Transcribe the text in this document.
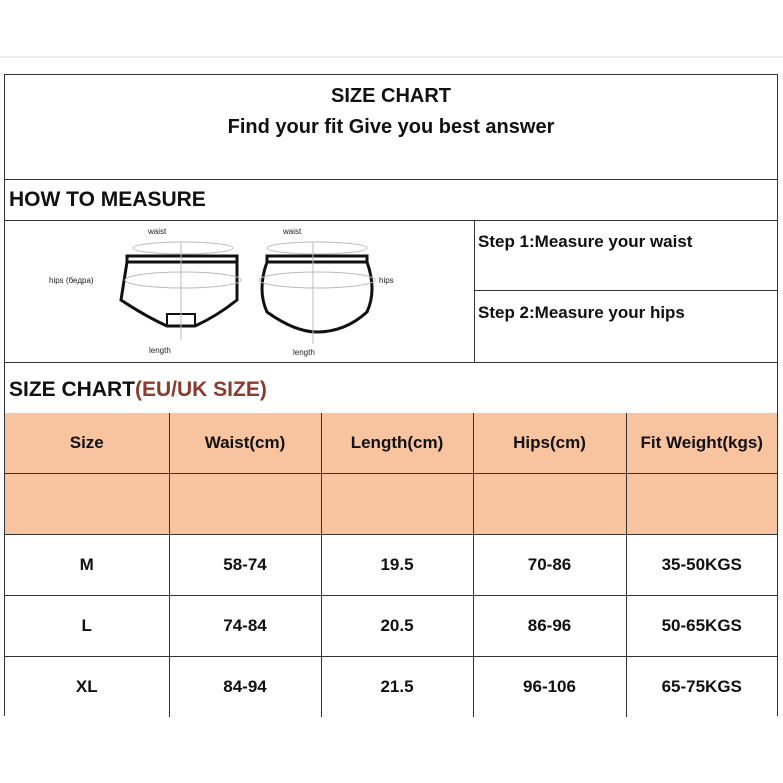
SIZE CHART
Find your fit Give you best answer
HOW TO MEASURE
waist
hips (бедра)
length
waist
hips
length
Step 1:Measure your waist
Step 2:Measure your hips
SIZE CHART(EU/UK SIZE)
Size	Waist(cm)	Length(cm)	Hips(cm)	Fit Weight(kgs)

M	58-74	19.5	70-86	35-50KGS
L	74-84	20.5	86-96	50-65KGS
XL	84-94	21.5	96-106	65-75KGS
